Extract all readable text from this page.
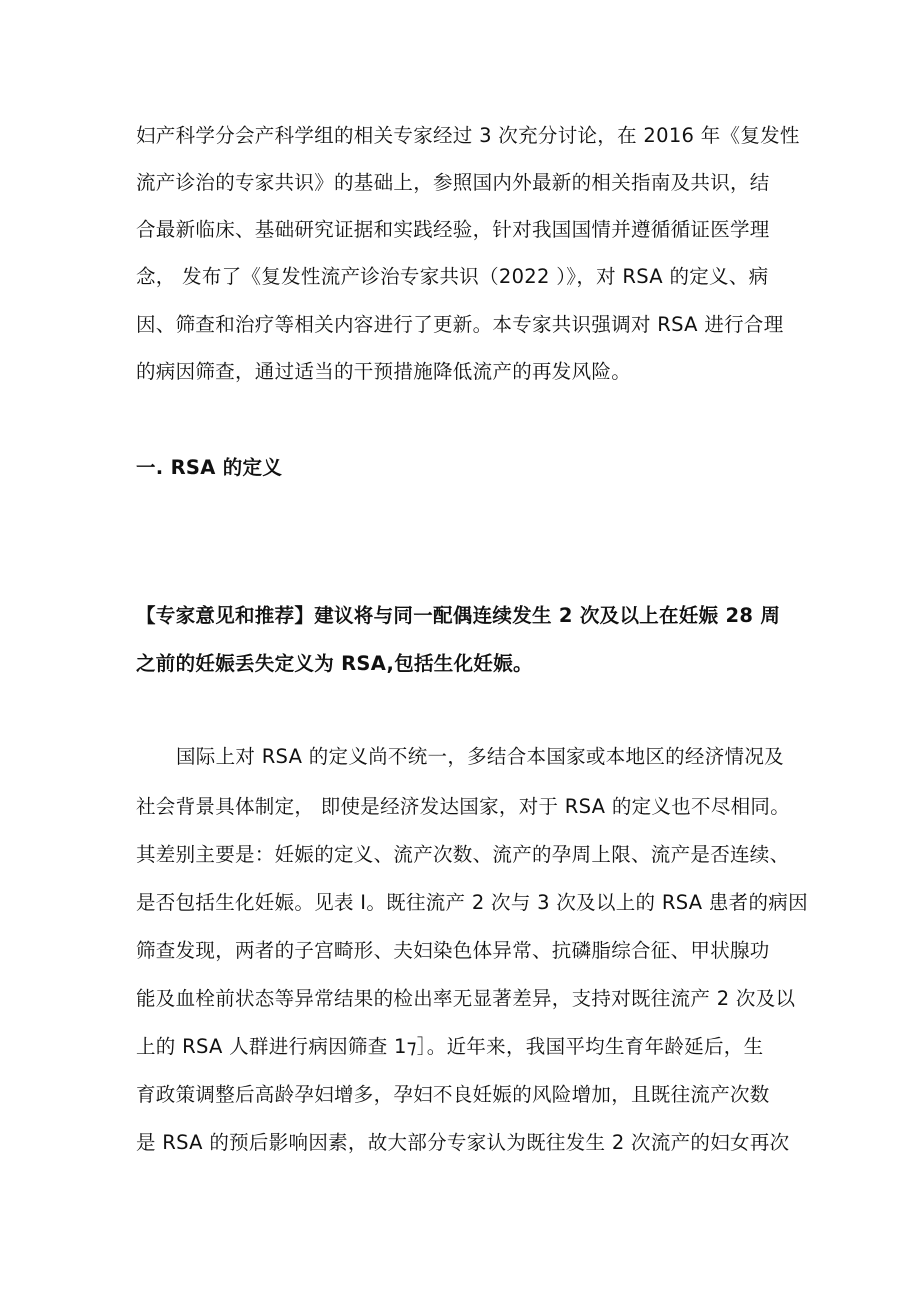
妇产科学分会产科学组的相关专家经过 3 次充分讨论，在 2016 年《复发性
流产诊治的专家共识》的基础上，参照国内外最新的相关指南及共识，结
合最新临床、基础研究证据和实践经验，针对我国国情并遵循循证医学理
念， 发布了《复发性流产诊治专家共识（2022 ）》，对 RSA 的定义、病
因、筛查和治疗等相关内容进行了更新。本专家共识强调对 RSA 进行合理
的病因筛查，通过适当的干预措施降低流产的再发风险。
一. RSA 的定义
【专家意见和推荐】建议将与同一配偶连续发生 2 次及以上在妊娠 28 周
之前的妊娠丢失定义为 RSA,包括生化妊娠。
国际上对 RSA 的定义尚不统一，多结合本国家或本地区的经济情况及
社会背景具体制定， 即使是经济发达国家，对于 RSA 的定义也不尽相同。
其差别主要是：妊娠的定义、流产次数、流产的孕周上限、流产是否连续、
是否包括生化妊娠。见表 I。既往流产 2 次与 3 次及以上的 RSA 患者的病因
筛查发现，两者的子宫畸形、夫妇染色体异常、抗磷脂综合征、甲状腺功
能及血栓前状态等异常结果的检出率无显著差异，支持对既往流产 2 次及以
上的 RSA 人群进行病因筛查 1⁊］。近年来，我国平均生育年龄延后，生
育政策调整后高龄孕妇增多，孕妇不良妊娠的风险增加，且既往流产次数
是 RSA 的预后影响因素，故大部分专家认为既往发生 2 次流产的妇女再次
